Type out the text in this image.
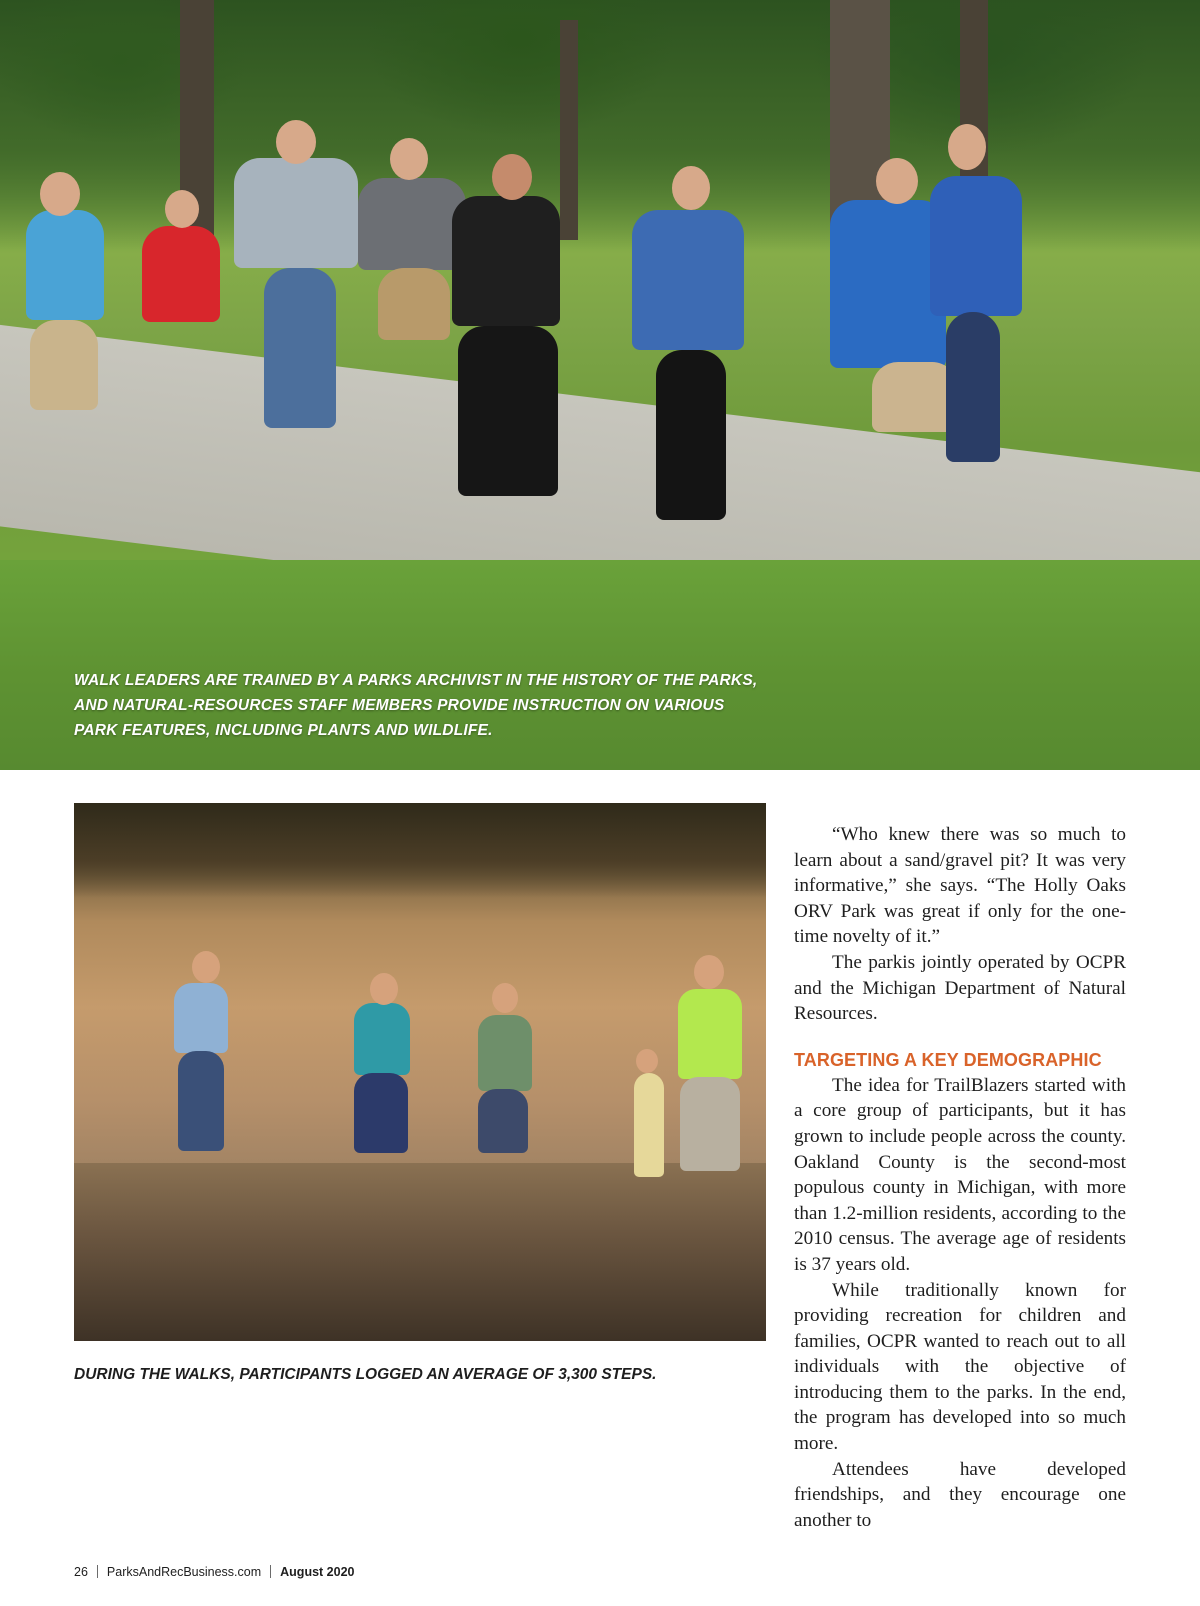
WALK LEADERS ARE TRAINED BY A PARKS ARCHIVIST IN THE HISTORY OF THE PARKS, AND NATURAL-RESOURCES STAFF MEMBERS PROVIDE INSTRUCTION ON VARIOUS PARK FEATURES, INCLUDING PLANTS AND WILDLIFE.
DURING THE WALKS, PARTICIPANTS LOGGED AN AVERAGE OF 3,300 STEPS.

“Who knew there was so much to learn about a sand/gravel pit? It was very informative,” she says. “The Holly Oaks ORV Park was great if only for the one-time novelty of it.”

The parkis jointly operated by OCPR and the Michigan Department of Natural Resources.

TARGETING A KEY DEMOGRAPHIC

The idea for TrailBlazers started with a core group of participants, but it has grown to include people across the county. Oakland County is the second-most populous county in Michigan, with more than 1.2-million residents, according to the 2010 census. The average age of residents is 37 years old.

While traditionally known for providing recreation for children and families, OCPR wanted to reach out to all individuals with the objective of introducing them to the parks. In the end, the program has developed into so much more.

Attendees have developed friendships, and they encourage one another to

26 ParksAndRecBusiness.com August 2020
